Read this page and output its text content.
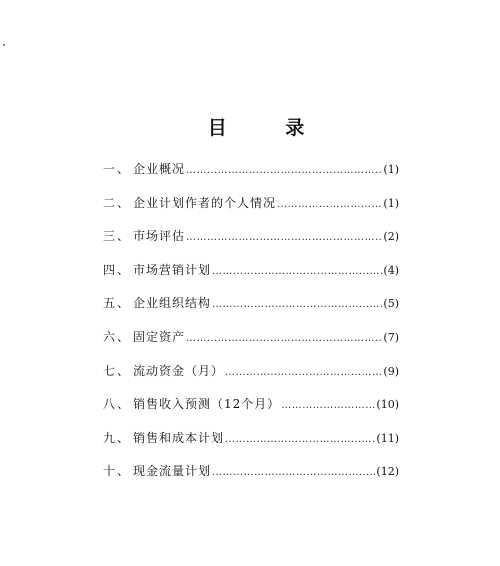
目 录
一、 企业概况 …………………………………………………………………………………………………………………………	(1)
二、 企业计划作者的个人情况 …………………………………………………………………………………………………………………………	(1)
三、 市场评估 …………………………………………………………………………………………………………………………	(2)
四、 市场营销计划 …………………………………………………………………………………………………………………………	(4)
五、 企业组织结构 …………………………………………………………………………………………………………………………	(5)
六、 固定资产 …………………………………………………………………………………………………………………………	(7)
七、 流动资金（月） …………………………………………………………………………………………………………………………	(9)
八、 销售收入预测（12个月） …………………………………………………………………………………………………………………………	(10)
九、 销售和成本计划 …………………………………………………………………………………………………………………………	(11)
十、 现金流量计划 …………………………………………………………………………………………………………………………	(12)
